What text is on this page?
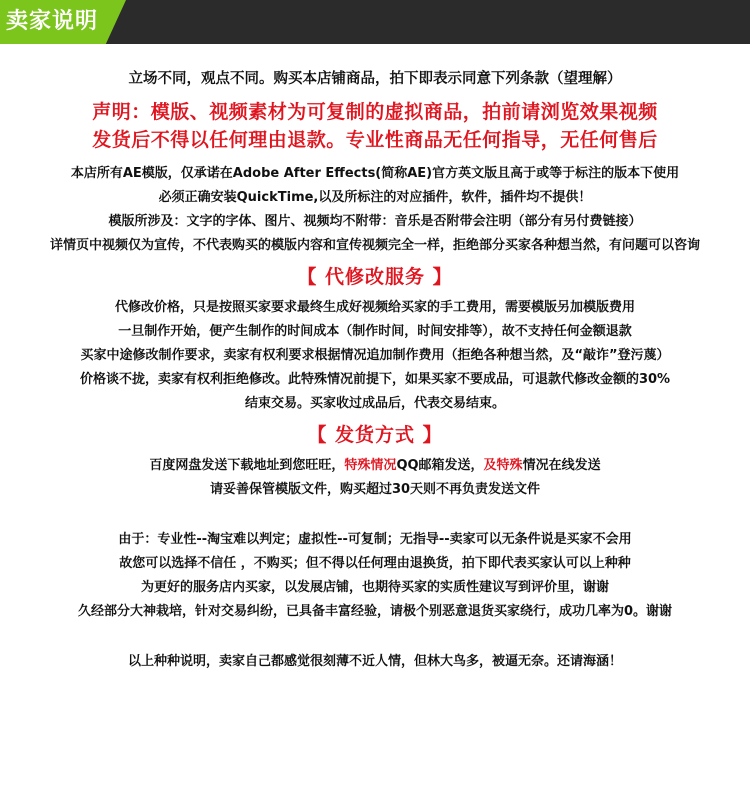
卖家说明
立场不同，观点不同。购买本店铺商品，拍下即表示同意下列条款（望理解）
声明：模版、视频素材为可复制的虚拟商品，拍前请浏览效果视频
发货后不得以任何理由退款。专业性商品无任何指导，无任何售后
本店所有AE模版，仅承诺在Adobe After Effects(简称AE)官方英文版且高于或等于标注的版本下使用
必须正确安装QuickTime,以及所标注的对应插件，软件，插件均不提供！
模版所涉及：文字的字体、图片、视频均不附带：音乐是否附带会注明（部分有另付费链接）
详情页中视频仅为宣传，不代表购买的模版内容和宣传视频完全一样，拒绝部分买家各种想当然，有问题可以咨询
【 代修改服务 】
代修改价格，只是按照买家要求最终生成好视频给买家的手工费用，需要模版另加模版费用
一旦制作开始，便产生制作的时间成本（制作时间，时间安排等），故不支持任何金额退款
买家中途修改制作要求，卖家有权利要求根据情况追加制作费用（拒绝各种想当然，及“敲诈”登污蔑）
价格谈不拢，卖家有权利拒绝修改。此特殊情况前提下，如果买家不要成品，可退款代修改金额的30%
结束交易。买家收过成品后，代表交易结束。
【 发货方式 】
百度网盘发送下载地址到您旺旺，特殊情况QQ邮箱发送，及特殊情况在线发送
请妥善保管模版文件，购买超过30天则不再负责发送文件
由于：专业性--淘宝难以判定；虚拟性--可复制；无指导--卖家可以无条件说是买家不会用
故您可以选择不信任 ，不购买；但不得以任何理由退换货，拍下即代表买家认可以上种种
为更好的服务店内买家，以发展店铺，也期待买家的实质性建议写到评价里，谢谢
久经部分大神栽培，针对交易纠纷，已具备丰富经验，请极个别恶意退货买家绕行，成功几率为0。谢谢
以上种种说明，卖家自己都感觉很刻薄不近人情，但林大鸟多，被逼无奈。还请海涵！
